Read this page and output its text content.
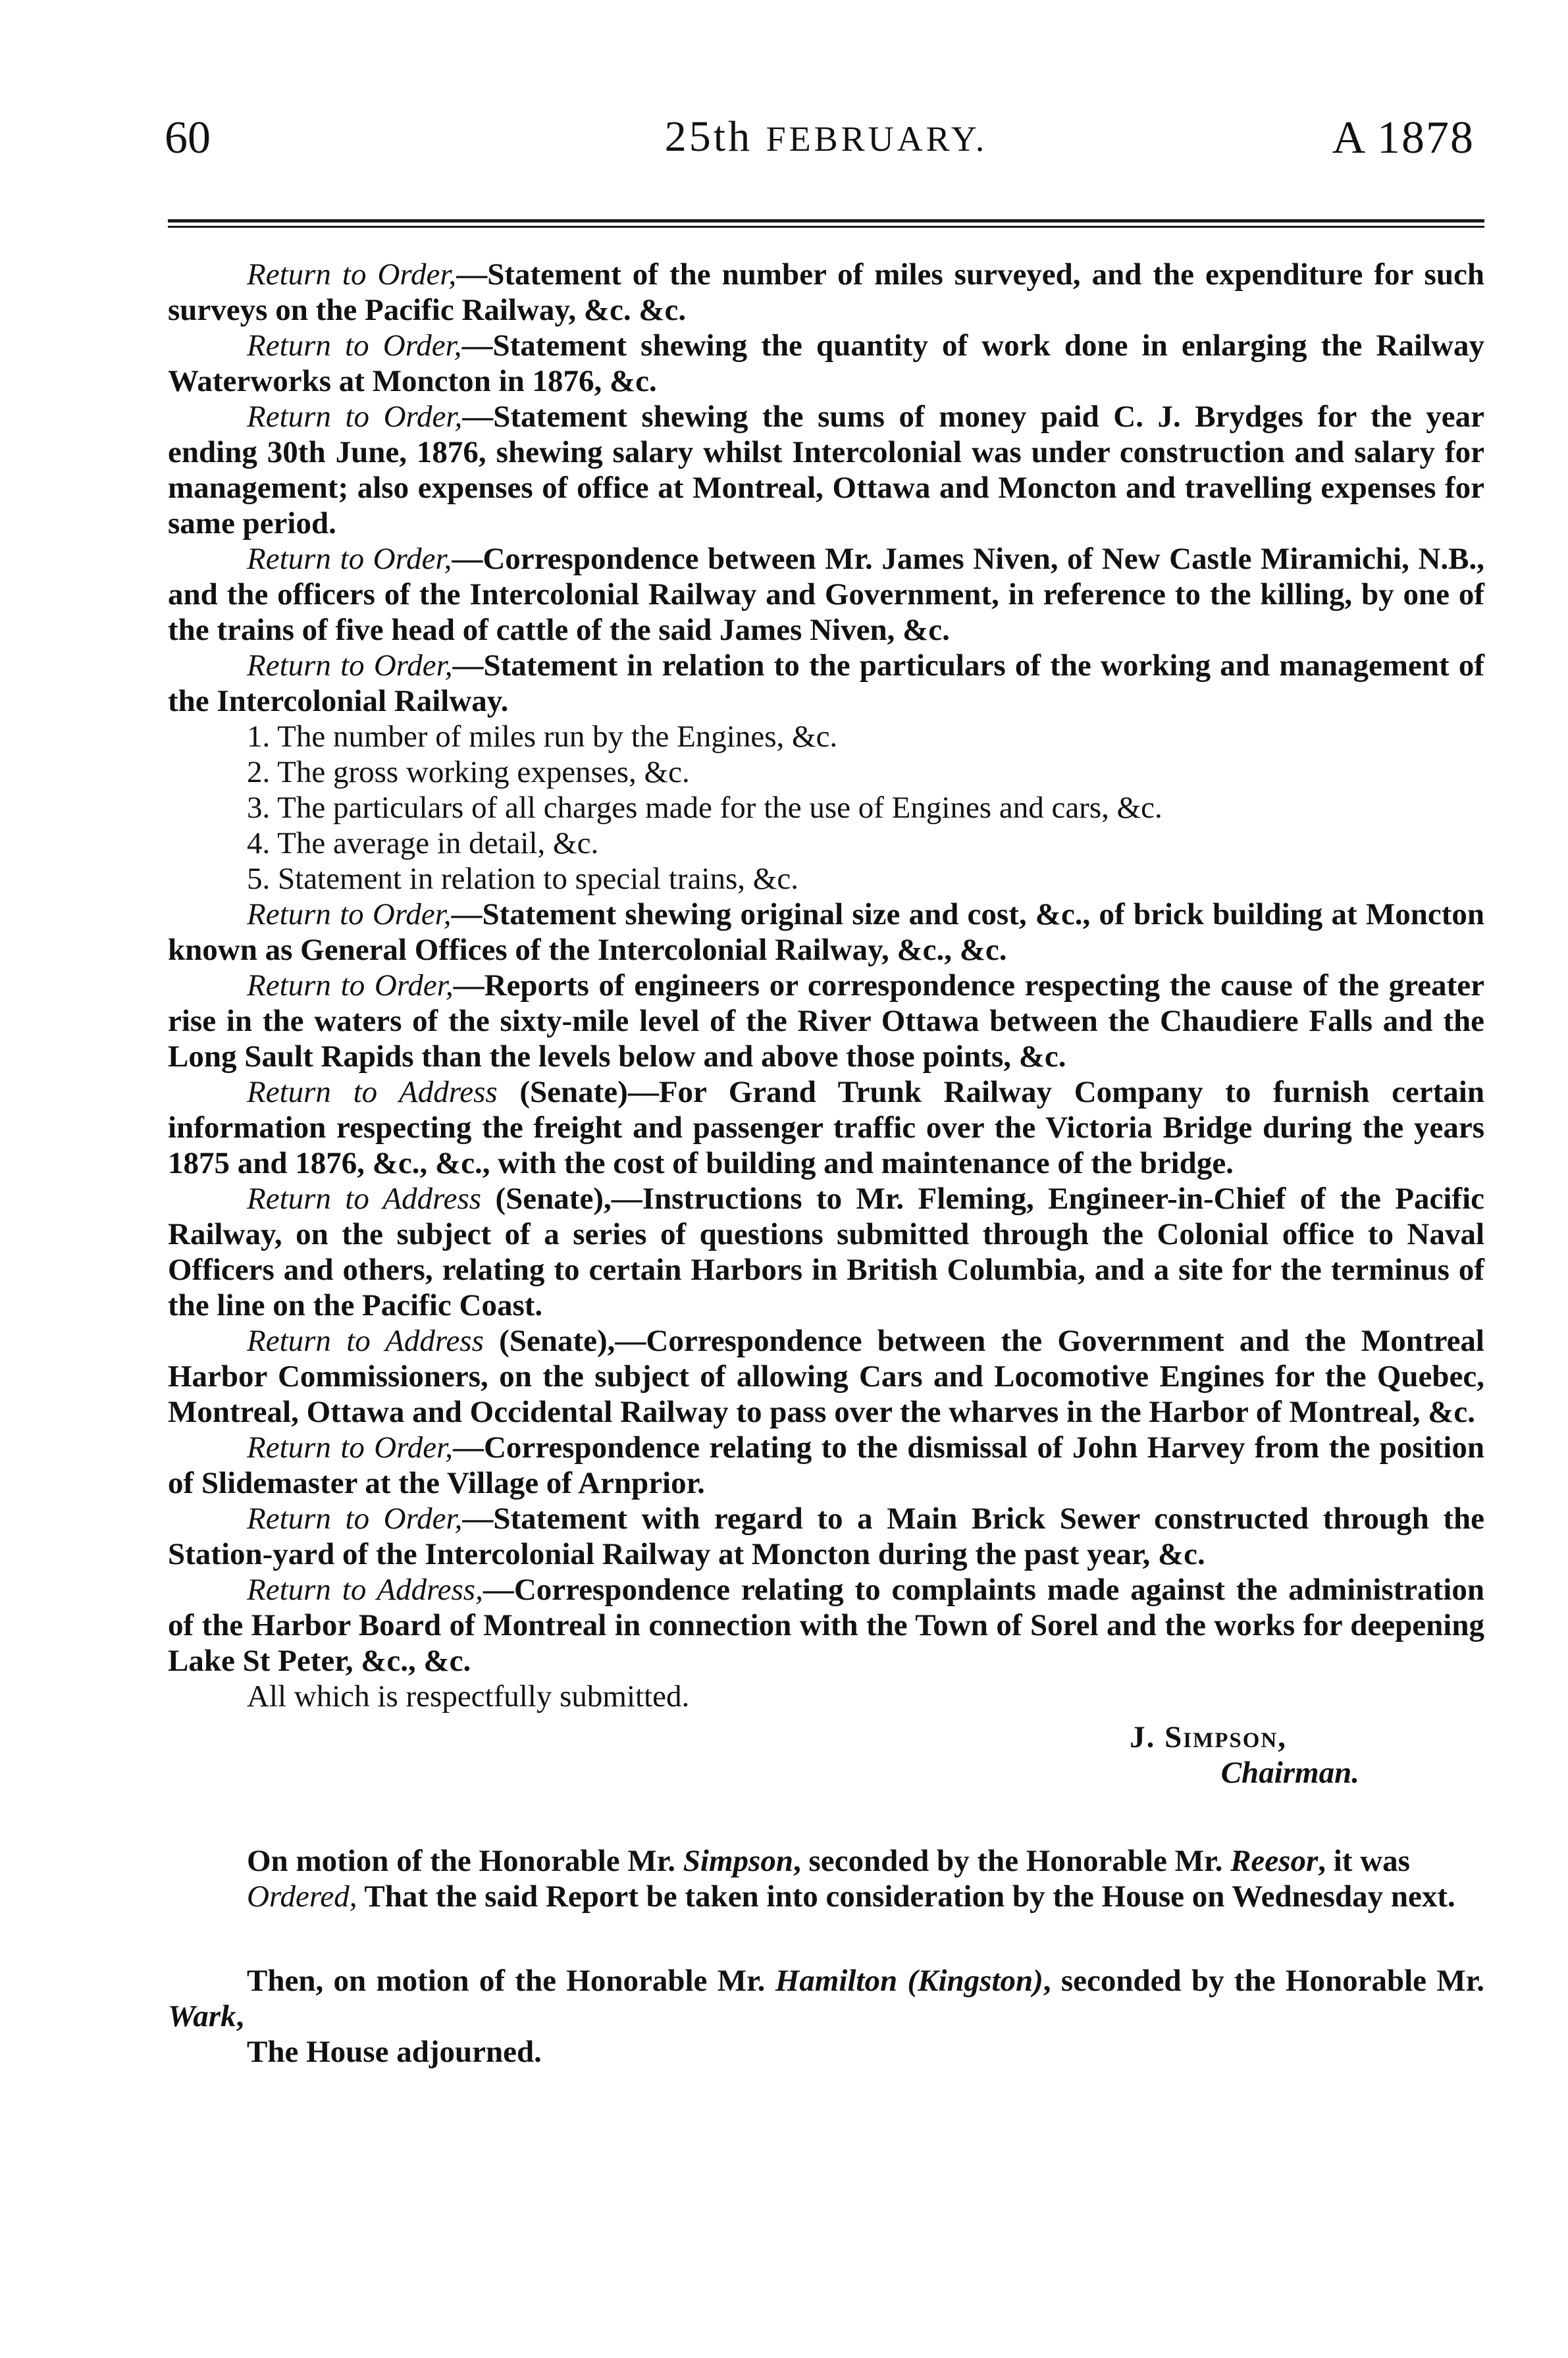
60	25th FEBRUARY.	A 1878

Return to Order,—Statement of the number of miles surveyed, and the expenditure for such surveys on the Pacific Railway, &c. &c.

Return to Order,—Statement shewing the quantity of work done in enlarging the Railway Waterworks at Moncton in 1876, &c.

Return to Order,—Statement shewing the sums of money paid C. J. Brydges for the year ending 30th June, 1876, shewing salary whilst Intercolonial was under construction and salary for management; also expenses of office at Montreal, Ottawa and Moncton and travelling expenses for same period.

Return to Order,—Correspondence between Mr. James Niven, of New Castle Miramichi, N.B., and the officers of the Intercolonial Railway and Government, in reference to the killing, by one of the trains of five head of cattle of the said James Niven, &c.

Return to Order,—Statement in relation to the particulars of the working and management of the Intercolonial Railway.

1. The number of miles run by the Engines, &c.
2. The gross working expenses, &c.
3. The particulars of all charges made for the use of Engines and cars, &c.
4. The average in detail, &c.
5. Statement in relation to special trains, &c.

Return to Order,—Statement shewing original size and cost, &c., of brick building at Moncton known as General Offices of the Intercolonial Railway, &c., &c.

Return to Order,—Reports of engineers or correspondence respecting the cause of the greater rise in the waters of the sixty-mile level of the River Ottawa between the Chaudiere Falls and the Long Sault Rapids than the levels below and above those points, &c.

Return to Address (Senate)—For Grand Trunk Railway Company to furnish certain information respecting the freight and passenger traffic over the Victoria Bridge during the years 1875 and 1876, &c., &c., with the cost of building and maintenance of the bridge.

Return to Address (Senate),—Instructions to Mr. Fleming, Engineer-in-Chief of the Pacific Railway, on the subject of a series of questions submitted through the Colonial office to Naval Officers and others, relating to certain Harbors in British Columbia, and a site for the terminus of the line on the Pacific Coast.

Return to Address (Senate),—Correspondence between the Government and the Montreal Harbor Commissioners, on the subject of allowing Cars and Locomotive Engines for the Quebec, Montreal, Ottawa and Occidental Railway to pass over the wharves in the Harbor of Montreal, &c.

Return to Order,—Correspondence relating to the dismissal of John Harvey from the position of Slidemaster at the Village of Arnprior.

Return to Order,—Statement with regard to a Main Brick Sewer constructed through the Station-yard of the Intercolonial Railway at Moncton during the past year, &c.

Return to Address,—Correspondence relating to complaints made against the administration of the Harbor Board of Montreal in connection with the Town of Sorel and the works for deepening Lake St Peter, &c., &c.

All which is respectfully submitted.

J. Simpson,

Chairman.

On motion of the Honorable Mr. Simpson, seconded by the Honorable Mr. Reesor, it was

Ordered, That the said Report be taken into consideration by the House on Wednesday next.

Then, on motion of the Honorable Mr. Hamilton (Kingston), seconded by the Honorable Mr. Wark,

The House adjourned.
